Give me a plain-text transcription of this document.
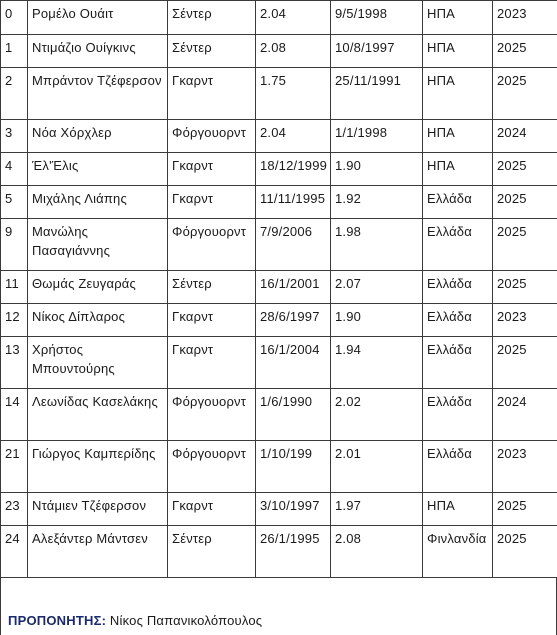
0	Ρομέλο Ουάιτ	Σέντερ	2.04	9/5/1998	ΗΠΑ	2023
1	Ντιμάζιο Ουίγκινς	Σέντερ	2.08	10/8/1997	ΗΠΑ	2025
2	Μπράντον Τζέφερσον	Γκαρντ	1.75	25/11/1991	ΗΠΑ	2025
3	Νόα Χόρχλερ	Φόργουορντ	2.04	1/1/1998	ΗΠΑ	2024
4	Έλ'Έλις	Γκαρντ	18/12/1999	1.90	ΗΠΑ	2025
5	Μιχάλης Λιάπης	Γκαρντ	11/11/1995	1.92	Ελλάδα	2025
9	Μανώλης Πασαγιάννης	Φόργουορντ	7/9/2006	1.98	Ελλάδα	2025
11	Θωμάς Ζευγαράς	Σέντερ	16/1/2001	2.07	Ελλάδα	2025
12	Νίκος Δίπλαρος	Γκαρντ	28/6/1997	1.90	Ελλάδα	2023
13	Χρήστος Μπουντούρης	Γκαρντ	16/1/2004	1.94	Ελλάδα	2025
14	Λεωνίδας Κασελάκης	Φόργουορντ	1/6/1990	2.02	Ελλάδα	2024
21	Γιώργος Καμπερίδης	Φόργουορντ	1/10/199	2.01	Ελλάδα	2023
23	Ντάμιεν Τζέφερσον	Γκαρντ	3/10/1997	1.97	ΗΠΑ	2025
24	Αλεξάντερ Μάντσεν	Σέντερ	26/1/1995	2.08	Φινλανδία	2025
ΠΡΟΠΟΝΗΤΗΣ: Νίκος Παπανικολόπουλος
